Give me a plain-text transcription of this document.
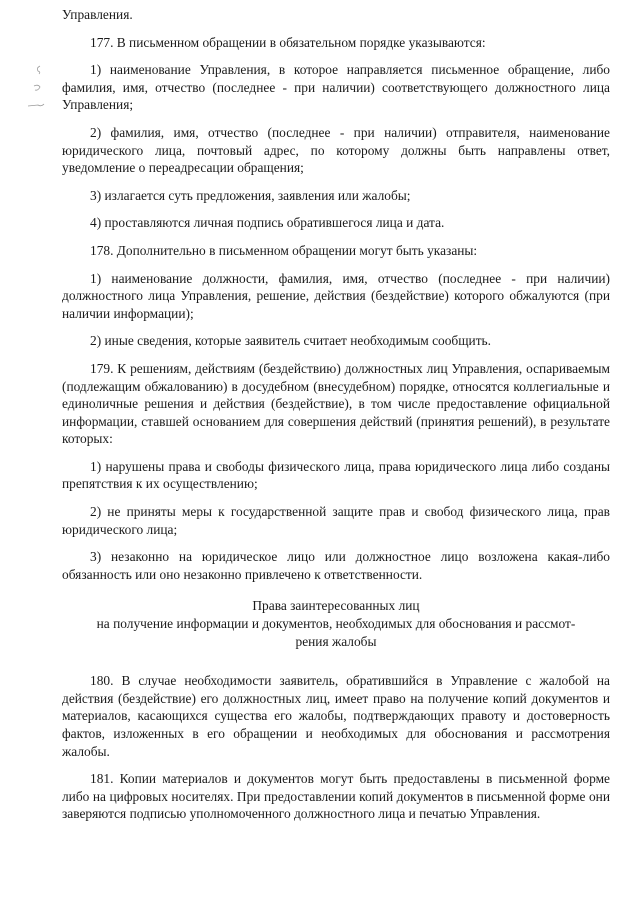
Управления.

177. В письменном обращении в обязательном порядке указываются:

1) наименование Управления, в которое направляется письменное обращение, либо фамилия, имя, отчество (последнее - при наличии) соответствующего должностного лица Управления;

2) фамилия, имя, отчество (последнее - при наличии) отправителя, наименование юридического лица, почтовый адрес, по которому должны быть направлены ответ, уведомление о переадресации обращения;

3) излагается суть предложения, заявления или жалобы;

4) проставляются личная подпись обратившегося лица и дата.

178. Дополнительно в письменном обращении могут быть указаны:

1) наименование должности, фамилия, имя, отчество (последнее - при наличии) должностного лица Управления, решение, действия (бездействие) которого обжалуются (при наличии информации);

2) иные сведения, которые заявитель считает необходимым сообщить.

179. К решениям, действиям (бездействию) должностных лиц Управления, оспариваемым (подлежащим обжалованию) в досудебном (внесудебном) порядке, относятся коллегиальные и единоличные решения и действия (бездействие), в том числе предоставление официальной информации, ставшей основанием для совершения действий (принятия решений), в результате которых:

1) нарушены права и свободы физического лица, права юридического лица либо созданы препятствия к их осуществлению;

2) не приняты меры к государственной защите прав и свобод физического лица, прав юридического лица;

3) незаконно на юридическое лицо или должностное лицо возложена какая-либо обязанность или оно незаконно привлечено к ответственности.

Права заинтересованных лиц
на получение информации и документов, необходимых для обоснования и рассмот-
рения жалобы

180. В случае необходимости заявитель, обратившийся в Управление с жалобой на действия (бездействие) его должностных лиц, имеет право на получение копий документов и материалов, касающихся существа его жалобы, подтверждающих правоту и достоверность фактов, изложенных в его обращении и необходимых для обоснования и рассмотрения жалобы.

181. Копии материалов и документов могут быть предоставлены в письменной форме либо на цифровых носителях. При предоставлении копий документов в письменной форме они заверяются подписью уполномоченного должностного лица и печатью Управления.
